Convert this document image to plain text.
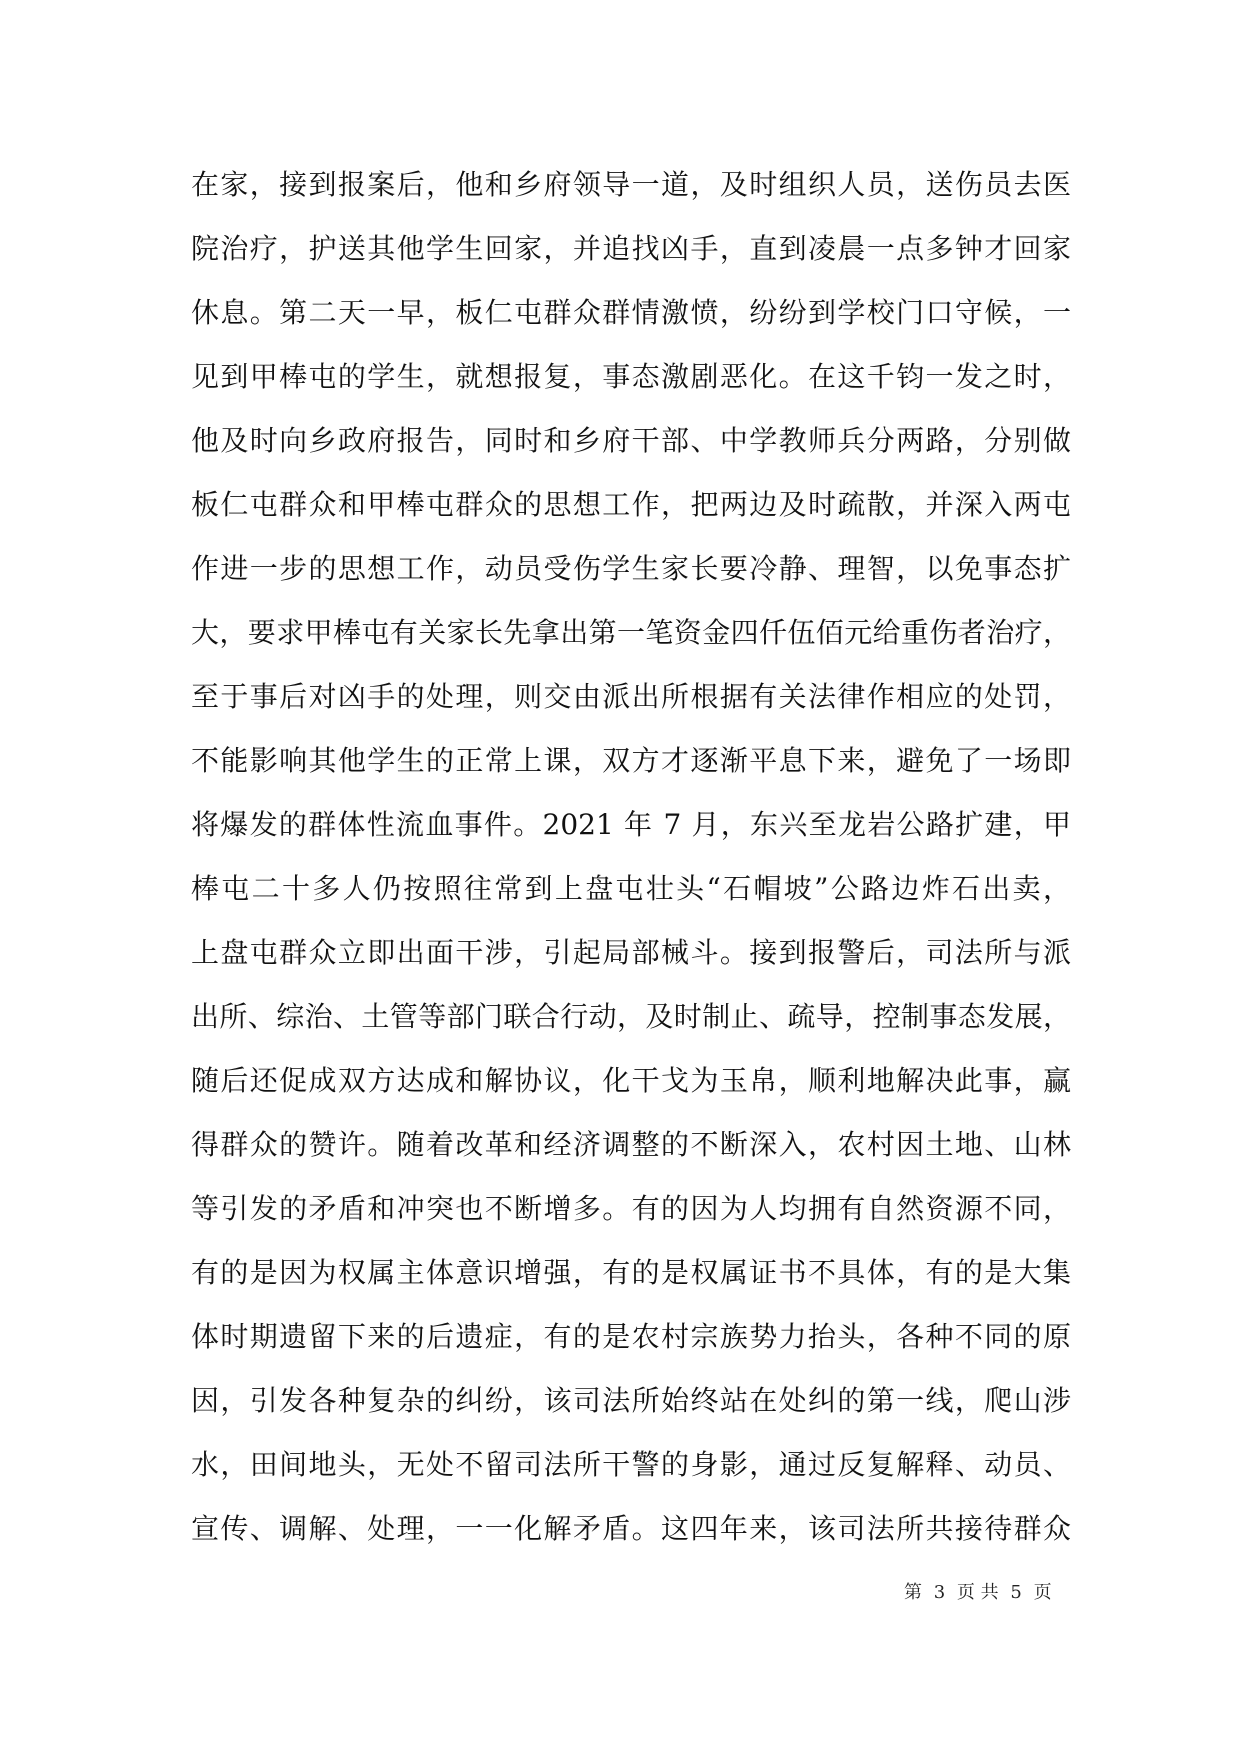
在家，接到报案后，他和乡府领导一道，及时组织人员，送伤员去医
院治疗，护送其他学生回家，并追找凶手，直到凌晨一点多钟才回家
休息。第二天一早，板仁屯群众群情激愤，纷纷到学校门口守候，一
见到甲棒屯的学生，就想报复，事态激剧恶化。在这千钧一发之时，
他及时向乡政府报告，同时和乡府干部、中学教师兵分两路，分别做
板仁屯群众和甲棒屯群众的思想工作，把两边及时疏散，并深入两屯
作进一步的思想工作，动员受伤学生家长要冷静、理智，以免事态扩
大，要求甲棒屯有关家长先拿出第一笔资金四仟伍佰元给重伤者治疗，
至于事后对凶手的处理，则交由派出所根据有关法律作相应的处罚，
不能影响其他学生的正常上课，双方才逐渐平息下来，避免了一场即
将爆发的群体性流血事件。2021 年 7 月，东兴至龙岩公路扩建，甲
棒屯二十多人仍按照往常到上盘屯壮头“石帽坡”公路边炸石出卖，
上盘屯群众立即出面干涉，引起局部械斗。接到报警后，司法所与派
出所、综治、土管等部门联合行动，及时制止、疏导，控制事态发展，
随后还促成双方达成和解协议，化干戈为玉帛，顺利地解决此事，赢
得群众的赞许。随着改革和经济调整的不断深入，农村因土地、山林
等引发的矛盾和冲突也不断增多。有的因为人均拥有自然资源不同，
有的是因为权属主体意识增强，有的是权属证书不具体，有的是大集
体时期遗留下来的后遗症，有的是农村宗族势力抬头，各种不同的原
因，引发各种复杂的纠纷，该司法所始终站在处纠的第一线，爬山涉
水，田间地头，无处不留司法所干警的身影，通过反复解释、动员、
宣传、调解、处理，一一化解矛盾。这四年来，该司法所共接待群众
第 3 页 共 5 页
